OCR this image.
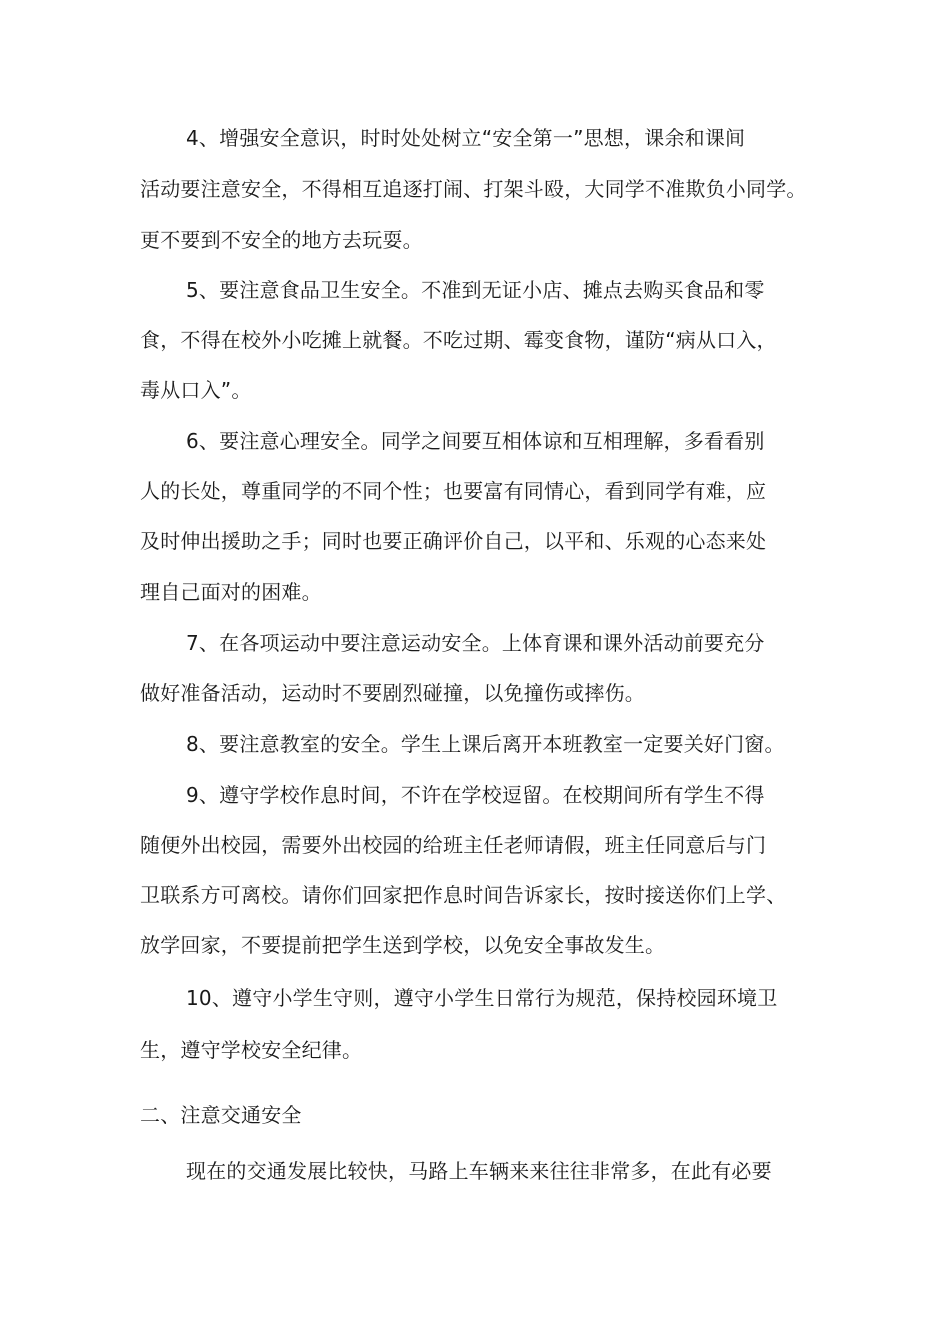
4、增强安全意识，时时处处树立“安全第一”思想，课余和课间
活动要注意安全，不得相互追逐打闹、打架斗殴，大同学不准欺负小同学。
更不要到不安全的地方去玩耍。
5、要注意食品卫生安全。不准到无证小店、摊点去购买食品和零
食，不得在校外小吃摊上就餐。不吃过期、霉变食物，谨防“病从口入，
毒从口入”。
6、要注意心理安全。同学之间要互相体谅和互相理解，多看看别
人的长处，尊重同学的不同个性；也要富有同情心，看到同学有难，应
及时伸出援助之手；同时也要正确评价自己，以平和、乐观的心态来处
理自己面对的困难。
7、在各项运动中要注意运动安全。上体育课和课外活动前要充分
做好准备活动，运动时不要剧烈碰撞，以免撞伤或摔伤。
8、要注意教室的安全。学生上课后离开本班教室一定要关好门窗。
9、遵守学校作息时间，不许在学校逗留。在校期间所有学生不得
随便外出校园，需要外出校园的给班主任老师请假，班主任同意后与门
卫联系方可离校。请你们回家把作息时间告诉家长，按时接送你们上学、
放学回家，不要提前把学生送到学校，以免安全事故发生。
10、遵守小学生守则，遵守小学生日常行为规范，保持校园环境卫
生，遵守学校安全纪律。
二、注意交通安全
现在的交通发展比较快，马路上车辆来来往往非常多，在此有必要
